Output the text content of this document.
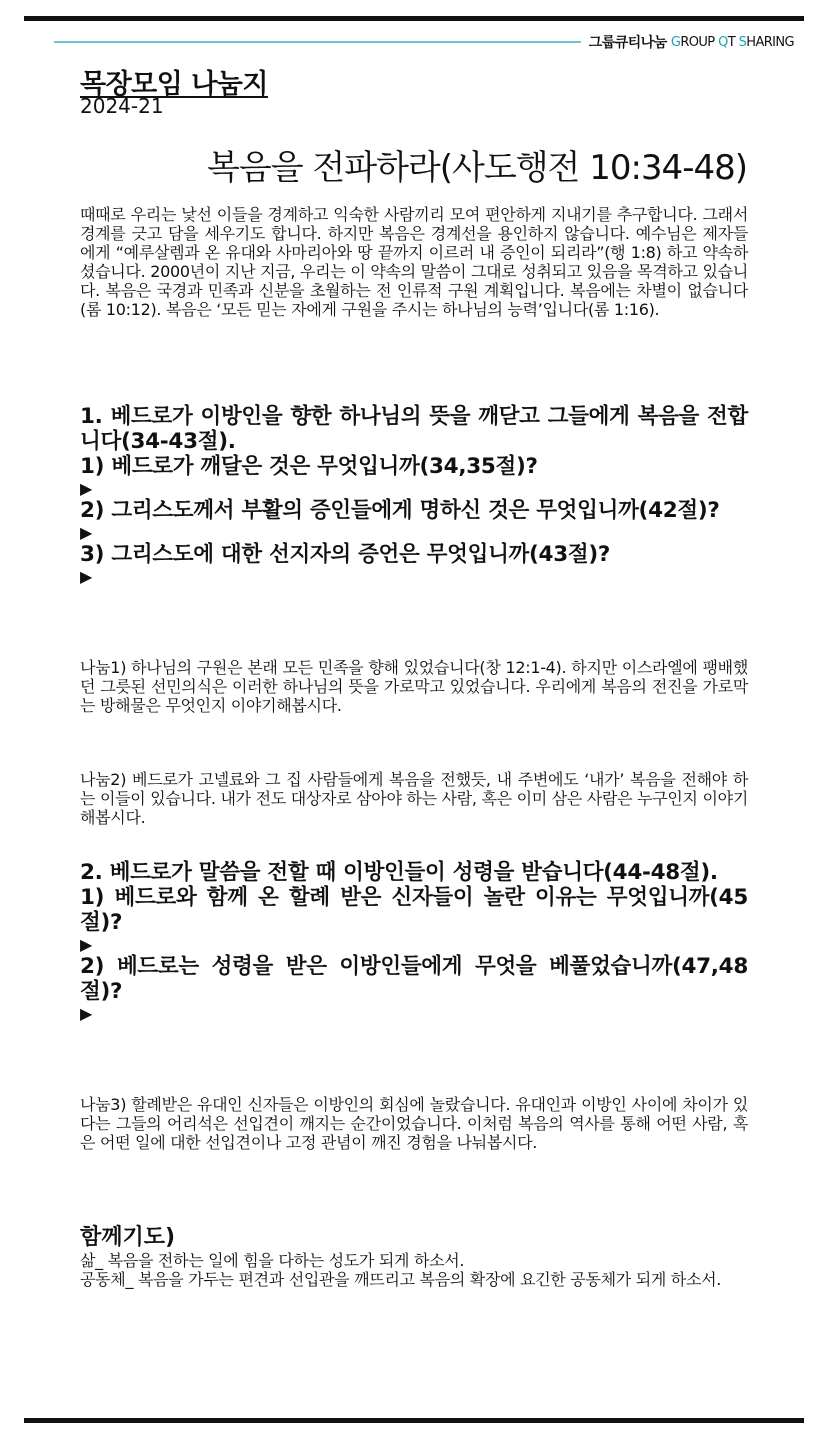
그룹큐티나눔 GROUP QT SHARING
목장모임 나눔지
2024-21
복음을 전파하라(사도행전 10:34-48)

때때로 우리는 낯선 이들을 경계하고 익숙한 사람끼리 모여 편안하게 지내기를 추구합니다. 그래서 경계를 긋고 담을 세우기도 합니다. 하지만 복음은 경계선을 용인하지 않습니다. 예수님은 제자들에게 “예루살렘과 온 유대와 사마리아와 땅 끝까지 이르러 내 증인이 되리라”(행 1:8) 하고 약속하셨습니다. 2000년이 지난 지금, 우리는 이 약속의 말씀이 그대로 성취되고 있음을 목격하고 있습니다. 복음은 국경과 민족과 신분을 초월하는 전 인류적 구원 계획입니다. 복음에는 차별이 없습니다(롬 10:12). 복음은 ‘모든 믿는 자에게 구원을 주시는 하나님의 능력’입니다(롬 1:16).

1. 베드로가 이방인을 향한 하나님의 뜻을 깨닫고 그들에게 복음을 전합니다(34-43절).

1) 베드로가 깨달은 것은 무엇입니까(34,35절)?

▶

2) 그리스도께서 부활의 증인들에게 명하신 것은 무엇입니까(42절)?

▶

3) 그리스도에 대한 선지자의 증언은 무엇입니까(43절)?

▶

나눔1) 하나님의 구원은 본래 모든 민족을 향해 있었습니다(창 12:1-4). 하지만 이스라엘에 팽배했던 그릇된 선민의식은 이러한 하나님의 뜻을 가로막고 있었습니다. 우리에게 복음의 전진을 가로막는 방해물은 무엇인지 이야기해봅시다.

나눔2) 베드로가 고넬료와 그 집 사람들에게 복음을 전했듯, 내 주변에도 ‘내가’ 복음을 전해야 하는 이들이 있습니다. 내가 전도 대상자로 삼아야 하는 사람, 혹은 이미 삼은 사람은 누구인지 이야기해봅시다.

2. 베드로가 말씀을 전할 때 이방인들이 성령을 받습니다(44-48절).

1) 베드로와 함께 온 할례 받은 신자들이 놀란 이유는 무엇입니까(45절)?

▶

2) 베드로는 성령을 받은 이방인들에게 무엇을 베풀었습니까(47,48절)?

▶

나눔3) 할례받은 유대인 신자들은 이방인의 회심에 놀랐습니다. 유대인과 이방인 사이에 차이가 있다는 그들의 어리석은 선입견이 깨지는 순간이었습니다. 이처럼 복음의 역사를 통해 어떤 사람, 혹은 어떤 일에 대한 선입견이나 고정 관념이 깨진 경험을 나눠봅시다.

함께기도)

삶_ 복음을 전하는 일에 힘을 다하는 성도가 되게 하소서.

공동체_ 복음을 가두는 편견과 선입관을 깨뜨리고 복음의 확장에 요긴한 공동체가 되게 하소서.
